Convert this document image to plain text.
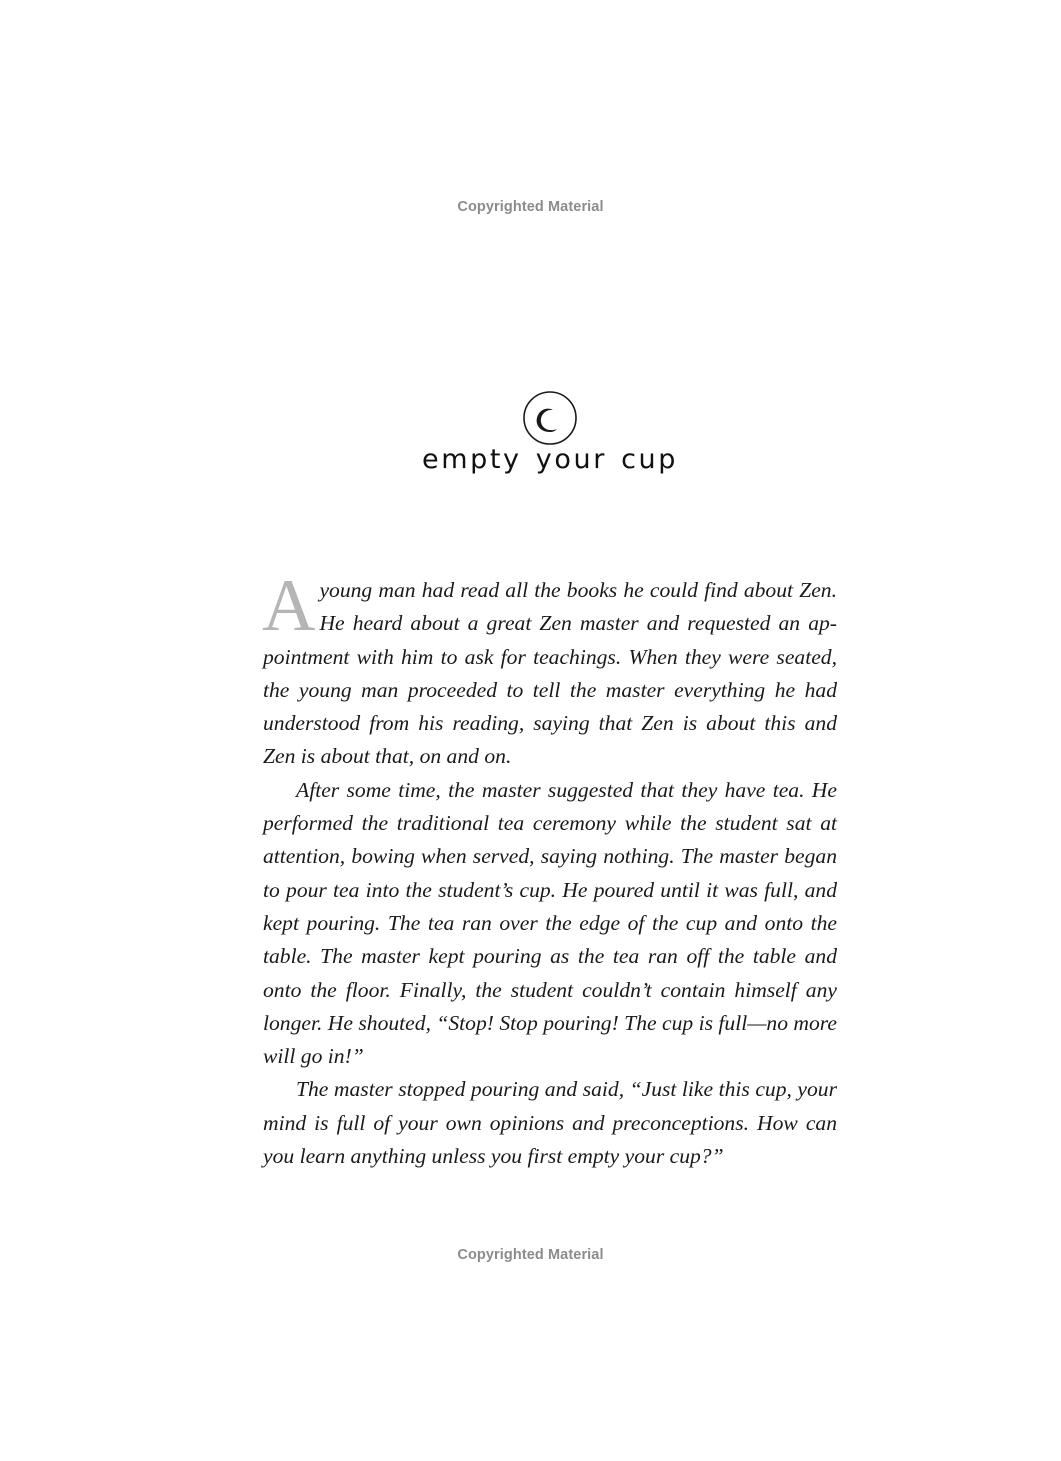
Copyrighted Material
empty your cup

Ayoung man had read all the books he could find about Zen. He heard about a great Zen master and requested an appointment with him to ask for teachings. When they were seated, the young man proceeded to tell the master everything he had understood from his reading, saying that Zen is about this and Zen is about that, on and on.

After some time, the master suggested that they have tea. He performed the traditional tea ceremony while the student sat at attention, bowing when served, saying nothing. The master began to pour tea into the student’s cup. He poured until it was full, and kept pouring. The tea ran over the edge of the cup and onto the table. The master kept pouring as the tea ran off the table and onto the floor. Finally, the student couldn’t contain himself any longer. He shouted, “Stop! Stop pouring! The cup is full—no more will go in!”

The master stopped pouring and said, “Just like this cup, your mind is full of your own opinions and preconceptions. How can you learn anything unless you first empty your cup?”

Copyrighted Material
